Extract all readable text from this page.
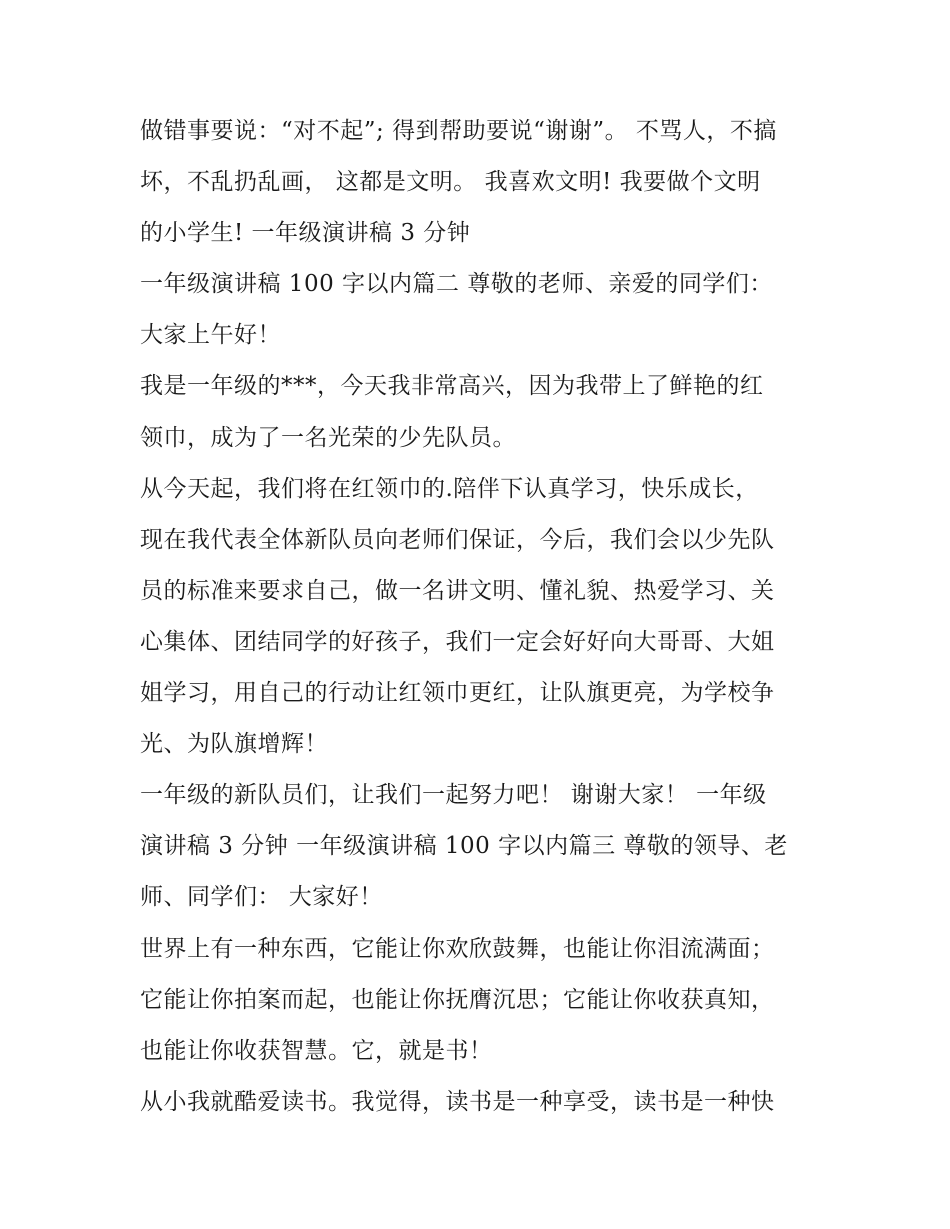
做错事要说：“对不起”; 得到帮助要说“谢谢”。 不骂人，不搞
坏，不乱扔乱画， 这都是文明。 我喜欢文明! 我要做个文明
的小学生! 一年级演讲稿 3 分钟
一年级演讲稿 100 字以内篇二 尊敬的老师、亲爱的同学们：
大家上午好！
我是一年级的***，今天我非常高兴，因为我带上了鲜艳的红
领巾，成为了一名光荣的少先队员。
从今天起，我们将在红领巾的.陪伴下认真学习，快乐成长，
现在我代表全体新队员向老师们保证，今后，我们会以少先队
员的标准来要求自己，做一名讲文明、懂礼貌、热爱学习、关
心集体、团结同学的好孩子，我们一定会好好向大哥哥、大姐
姐学习，用自己的行动让红领巾更红，让队旗更亮，为学校争
光、为队旗增辉！
一年级的新队员们，让我们一起努力吧！ 谢谢大家！ 一年级
演讲稿 3 分钟 一年级演讲稿 100 字以内篇三 尊敬的领导、老
师、同学们： 大家好！
世界上有一种东西，它能让你欢欣鼓舞，也能让你泪流满面；
它能让你拍案而起，也能让你抚膺沉思；它能让你收获真知，
也能让你收获智慧。它，就是书！
从小我就酷爱读书。我觉得，读书是一种享受，读书是一种快
